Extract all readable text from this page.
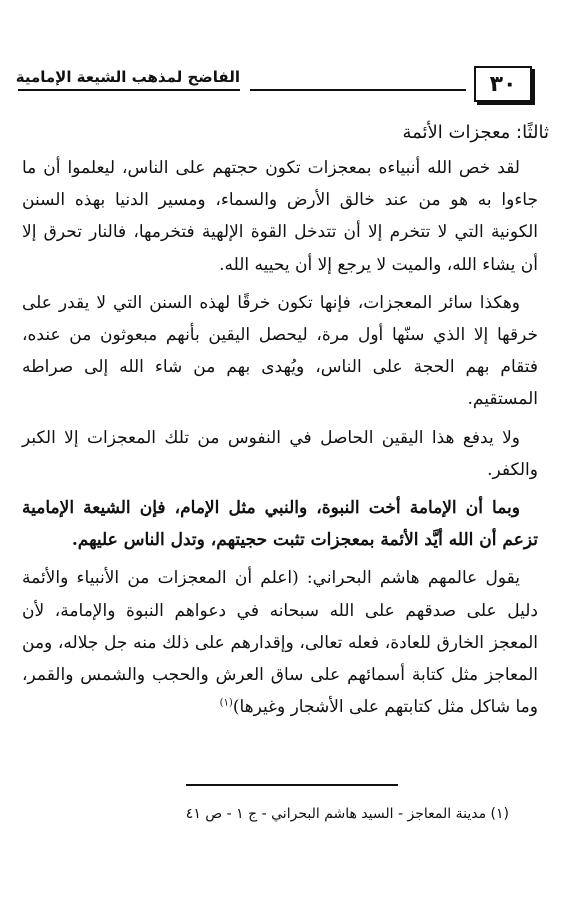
٣٠
الفاضح لمذهب الشيعة الإمامية
ثالثًا: معجزات الأئمة

لقد خص الله أنبياءه بمعجزات تكون حجتهم على الناس، ليعلموا أن ما جاءوا به هو من عند خالق الأرض والسماء، ومسير الدنيا بهذه السنن الكونية التي لا تتخرم إلا أن تتدخل القوة الإلهية فتخرمها، فالنار تحرق إلا أن يشاء الله، والميت لا يرجع إلا أن يحييه الله.

وهكذا سائر المعجزات، فإنها تكون خرقًا لهذه السنن التي لا يقدر على خرقها إلا الذي سنّها أول مرة، ليحصل اليقين بأنهم مبعوثون من عنده، فتقام بهم الحجة على الناس، ويُهدى بهم من شاء الله إلى صراطه المستقيم.

ولا يدفع هذا اليقين الحاصل في النفوس من تلك المعجزات إلا الكبر والكفر.

وبما أن الإمامة أخت النبوة، والنبي مثل الإمام، فإن الشيعة الإمامية تزعم أن الله أيَّد الأئمة بمعجزات تثبت حجيتهم، وتدل الناس عليهم.

يقول عالمهم هاشم البحراني: (اعلم أن المعجزات من الأنبياء والأئمة دليل على صدقهم على الله سبحانه في دعواهم النبوة والإمامة، لأن المعجز الخارق للعادة، فعله تعالى، وإقدارهم على ذلك منه جل جلاله، ومن المعاجز مثل كتابة أسمائهم على ساق العرش والحجب والشمس والقمر، وما شاكل مثل كتابتهم على الأشجار وغيرها)$^{(١)}$

(١) مدينة المعاجز - السيد هاشم البحراني - ج ١ - ص ٤١
